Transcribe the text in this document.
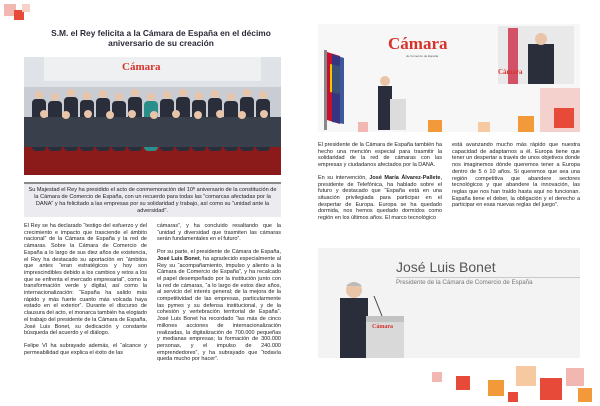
S.M. el Rey felicita a la Cámara de España en el décimo aniversario de su creación
Cámara
Su Majestad el Rey ha presidido el acto de conmemoración del 10º aniversario de la constitución de la Cámara de Comercio de España, con un recuerdo para todas las “comarcas afectadas por la DANA” y ha felicitado a las empresas por su solidaridad y trabajo, así como su “unidad ante la adversidad”.

El Rey se ha declarado “testigo del esfuerzo y del crecimiento e impacto que trasciende el ámbito nacional” de la Cámara de España y la red de cámaras. Sobre la Cámara de Comercio de España a lo largo de sus diez años de existencia, el Rey ha destacado su aportación en “ámbitos que antes “eran estratégicos y hoy son imprescindibles debido a los cambios y retos a los que se enfrenta el mercado empresarial”, como la transformación verde y digital, así como la internacionalización: “España ha salido más rápido y más fuerte cuanto más volcada haya estado en el exterior”. Durante el discurso de clausura del acto, el monarca también ha elogiado el trabajo del presidente de la Cámara de España, José Luis Bonet, su dedicación y constante búsqueda del acuerdo y el diálogo.

Felipe VI ha subrayado además, el “alcance y permeabilidad que explica el éxito de las

cámaras”, y ha concluido resaltando que la “unidad y diversidad que trasmiten las cámaras serán fundamentales en el futuro”.

Por su parte, el presidente de Cámara de España, José Luis Bonet, ha agradecido especialmente al Rey su “acompañamiento, impulso y aliento a la Cámara de Comercio de España”, y ha recalcado el papel desempeñado por la institución junto con la red de cámaras, “a lo largo de estos diez años, al servicio del interés general; de la mejora de la competitividad de las empresas, particularmente las pymes y su defensa institucional, y de la cohesión y vertebración territorial de España”. José Luis Bonet ha recordado “las más de cinco millones acciones de internacionalización realizadas, la digitalización de 700.000 pequeñas y medianas empresas; la formación de 300.000 personas, y el impulso de 240.000 emprendedores”, y ha subrayado que “todavía queda mucho por hacer”.

Cámara
de Comercio de España
Cámara

El presidente de la Cámara de España también ha hecho una mención especial para trasmitir la solidaridad de la red de cámaras con las empresas y ciudadanos afectados por la DANA.

En su intervención, José María Álvarez-Pallete, presidente de Telefónica, ha hablado sobre el futuro y destacado que “España está en una situación privilegiada para participar en el despertar de Europa. Europa se ha quedado dormida, nos hemos quedado dormidos como región en los últimos años. El marco tecnológico

está avanzando mucho más rápido que nuestra capacidad de adaptarnos a él. Europa tiene que tener un despertar a través de unos objetivos donde nos imaginemos dónde queremos tener a Europa dentro de 5 ó 10 años. Si queremos que sea una región competitiva que abandere sectores tecnológicos y que abandere la innovación, las reglas que nos han traído hasta aquí no funcionan. España tiene el deber, la obligación y el derecho a participar en esas nuevas reglas del juego”.

José Luis Bonet
Presidente de la Cámara de Comercio de España
Cámara
